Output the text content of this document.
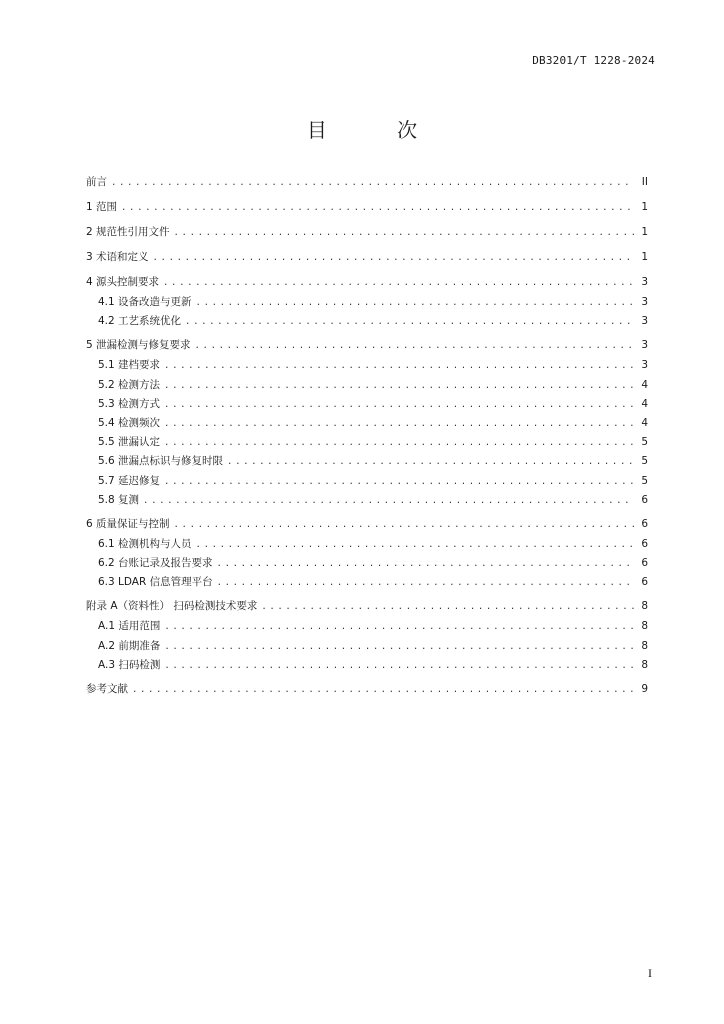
DB3201/T 1228-2024
目 次
前言 .....	II
1 范围 .....	1
2 规范性引用文件 .....	1
3 术语和定义 .....	1
4 源头控制要求 .....	3
4.1 设备改造与更新 .....	3
4.2 工艺系统优化 .....	3
5 泄漏检测与修复要求 .....	3
5.1 建档要求 .....	3
5.2 检测方法 .....	4
5.3 检测方式 .....	4
5.4 检测频次 .....	4
5.5 泄漏认定 .....	5
5.6 泄漏点标识与修复时限 .....	5
5.7 延迟修复 .....	5
5.8 复测 .....	6
6 质量保证与控制 .....	6
6.1 检测机构与人员 .....	6
6.2 台账记录及报告要求 .....	6
6.3 LDAR 信息管理平台 .....	6
附录 A（资料性） 扫码检测技术要求 .....	8
A.1 适用范围 .....	8
A.2 前期准备 .....	8
A.3 扫码检测 .....	8
参考文献 .....	9
I
